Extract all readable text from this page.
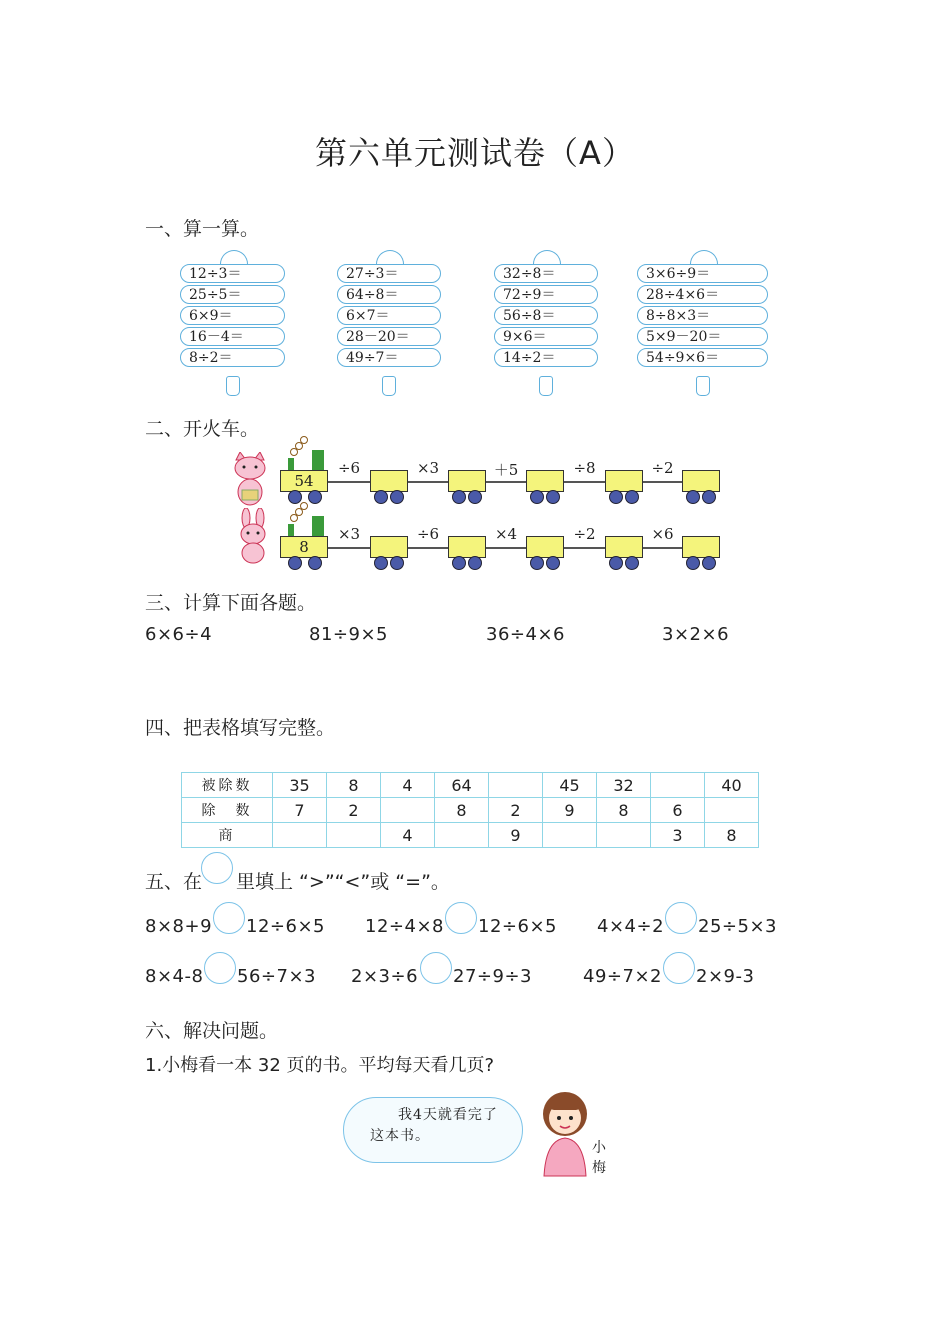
第六单元测试卷（A）
一、算一算。
12÷3＝
25÷5＝
6×9＝
16－4＝
8÷2＝
27÷3＝
64÷8＝
6×7＝
28－20＝
49÷7＝
32÷8＝
72÷9＝
56÷8＝
9×6＝
14÷2＝
3×6÷9＝
28÷4×6＝
8÷8×3＝
5×9－20＝
54÷9×6＝
二、开火车。
54
÷6	×3	＋5	÷8	÷2
8
×3	÷6	×4	÷2	×6
三、计算下面各题。
6×6÷4	81÷9×5	36÷4×6	3×2×6
四、把表格填写完整。
被除数	35	8	4	64		45	32		40
除　数	7	2		8	2	9	8	6	
商			4		9			3	8
五、在 里填上 “>”“<”或 “=”。
8×8+9 12÷6×5 12÷4×8 12÷6×5 4×4÷2 25÷5×3
8×4-8 56÷7×3 2×3÷6 27÷9÷3	49÷7×2 2×9-3
六、解决问题。
1.小梅看一本 32 页的书。平均每天看几页?
我4天就看完了
这本书。
小梅
